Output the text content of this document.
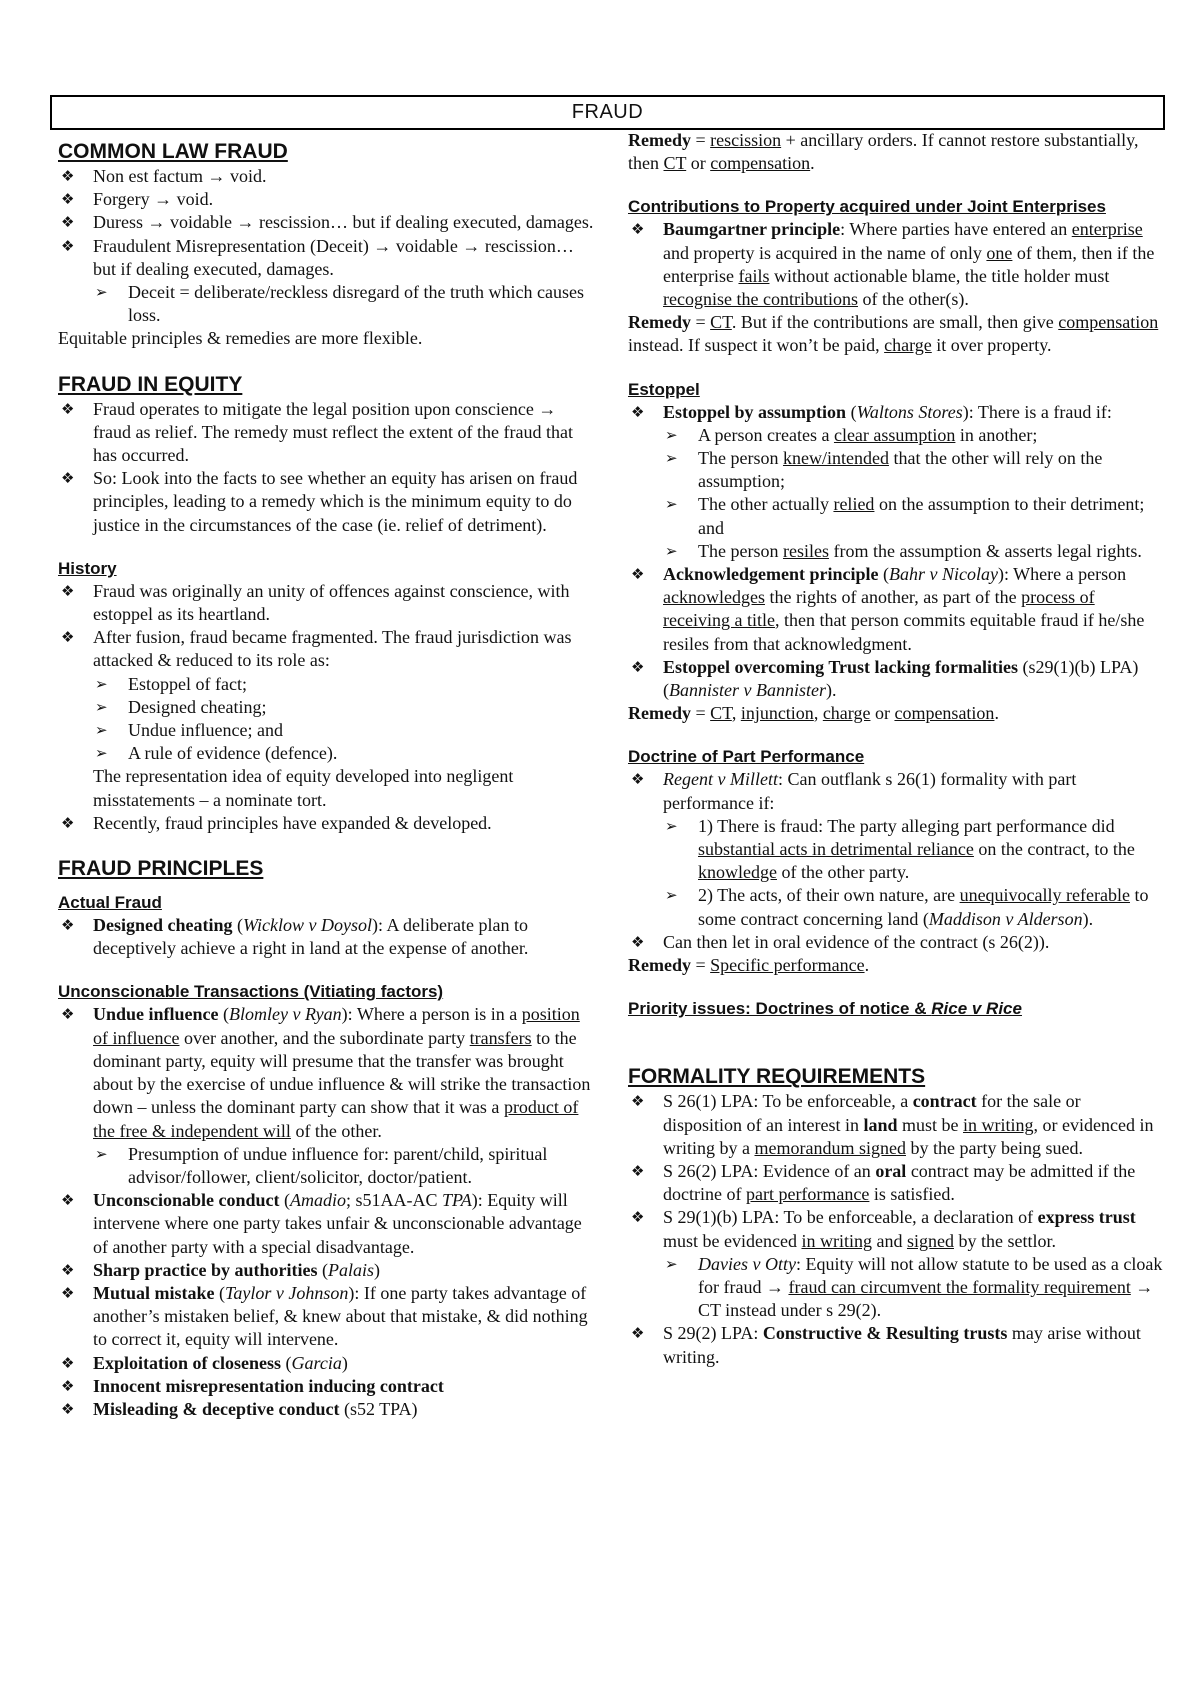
FRAUD
COMMON LAW FRAUD
❖ Non est factum → void.
❖ Forgery → void.
❖ Duress → voidable → rescission… but if dealing executed, damages.
❖ Fraudulent Misrepresentation (Deceit) → voidable → rescission… but if dealing executed, damages.
➢ Deceit = deliberate/reckless disregard of the truth which causes loss.

Equitable principles & remedies are more flexible.

FRAUD IN EQUITY
❖ Fraud operates to mitigate the legal position upon conscience → fraud as relief. The remedy must reflect the extent of the fraud that has occurred.
❖ So: Look into the facts to see whether an equity has arisen on fraud principles, leading to a remedy which is the minimum equity to do justice in the circumstances of the case (ie. relief of detriment).
History
❖ Fraud was originally an unity of offences against conscience, with estoppel as its heartland.
❖ After fusion, fraud became fragmented. The fraud jurisdiction was attacked & reduced to its role as:
➢ Estoppel of fact;
➢ Designed cheating;
➢ Undue influence; and
➢ A rule of evidence (defence).
The representation idea of equity developed into negligent misstatements – a nominate tort.
❖ Recently, fraud principles have expanded & developed.
FRAUD PRINCIPLES
Actual Fraud
❖ Designed cheating (Wicklow v Doysol): A deliberate plan to deceptively achieve a right in land at the expense of another.
Unconscionable Transactions (Vitiating factors)
❖ Undue influence (Blomley v Ryan): Where a person is in a position of influence over another, and the subordinate party transfers to the dominant party, equity will presume that the transfer was brought about by the exercise of undue influence & will strike the transaction down – unless the dominant party can show that it was a product of the free & independent will of the other.
➢ Presumption of undue influence for: parent/child, spiritual advisor/follower, client/solicitor, doctor/patient.
❖ Unconscionable conduct (Amadio; s51AA-AC TPA): Equity will intervene where one party takes unfair & unconscionable advantage of another party with a special disadvantage.
❖ Sharp practice by authorities (Palais)
❖ Mutual mistake (Taylor v Johnson): If one party takes advantage of another’s mistaken belief, & knew about that mistake, & did nothing to correct it, equity will intervene.
❖ Exploitation of closeness (Garcia)
❖ Innocent misrepresentation inducing contract
❖ Misleading & deceptive conduct (s52 TPA)

Remedy = rescission + ancillary orders. If cannot restore substantially, then CT or compensation.

Contributions to Property acquired under Joint Enterprises
❖ Baumgartner principle: Where parties have entered an enterprise and property is acquired in the name of only one of them, then if the enterprise fails without actionable blame, the title holder must recognise the contributions of the other(s).

Remedy = CT. But if the contributions are small, then give compensation instead. If suspect it won’t be paid, charge it over property.

Estoppel
❖ Estoppel by assumption (Waltons Stores): There is a fraud if:
➢ A person creates a clear assumption in another;
➢ The person knew/intended that the other will rely on the assumption;
➢ The other actually relied on the assumption to their detriment; and
➢ The person resiles from the assumption & asserts legal rights.
❖ Acknowledgement principle (Bahr v Nicolay): Where a person acknowledges the rights of another, as part of the process of receiving a title, then that person commits equitable fraud if he/she resiles from that acknowledgment.
❖ Estoppel overcoming Trust lacking formalities (s29(1)(b) LPA) (Bannister v Bannister).

Remedy = CT, injunction, charge or compensation.

Doctrine of Part Performance
❖ Regent v Millett: Can outflank s 26(1) formality with part performance if:
➢ 1) There is fraud: The party alleging part performance did substantial acts in detrimental reliance on the contract, to the knowledge of the other party.
➢ 2) The acts, of their own nature, are unequivocally referable to some contract concerning land (Maddison v Alderson).
❖ Can then let in oral evidence of the contract (s 26(2)).

Remedy = Specific performance.

Priority issues: Doctrines of notice & Rice v Rice
FORMALITY REQUIREMENTS
❖ S 26(1) LPA: To be enforceable, a contract for the sale or disposition of an interest in land must be in writing, or evidenced in writing by a memorandum signed by the party being sued.
❖ S 26(2) LPA: Evidence of an oral contract may be admitted if the doctrine of part performance is satisfied.
❖ S 29(1)(b) LPA: To be enforceable, a declaration of express trust must be evidenced in writing and signed by the settlor.
➢ Davies v Otty: Equity will not allow statute to be used as a cloak for fraud → fraud can circumvent the formality requirement → CT instead under s 29(2).
❖ S 29(2) LPA: Constructive & Resulting trusts may arise without writing.
